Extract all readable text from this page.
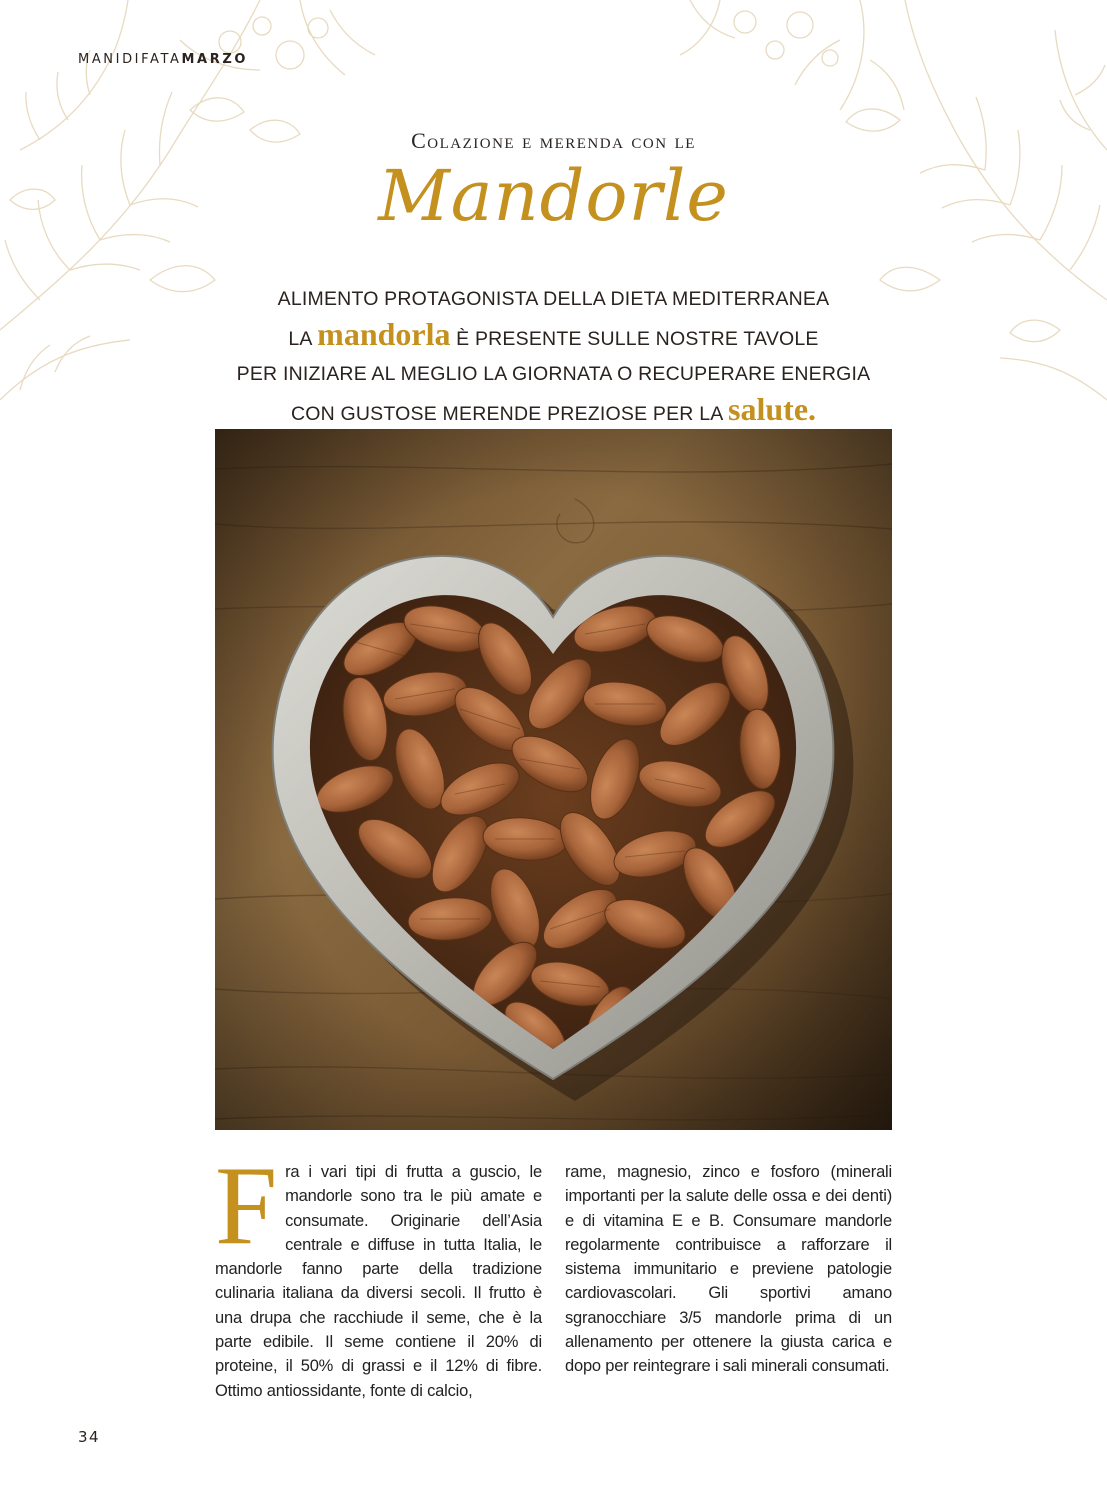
MANIDIFATAMARZO
Colazione e merenda con le
Mandorle
ALIMENTO PROTAGONISTA DELLA DIETA MEDITERRANEA
LA mandorla È PRESENTE SULLE NOSTRE TAVOLE
PER INIZIARE AL MEGLIO LA GIORNATA O RECUPERARE ENERGIA
CON GUSTOSE MERENDE PREZIOSE PER LA salute.
Fra i vari tipi di frutta a guscio, le mandorle sono tra le più amate e consumate. Originarie dell’Asia centrale e diffuse in tutta Italia, le mandorle fanno parte della tradizione culinaria italiana da diversi secoli. Il frutto è una drupa che racchiude il seme, che è la parte edibile. Il seme contiene il 20% di proteine, il 50% di grassi e il 12% di fibre. Ottimo antiossidante, fonte di calcio,
rame, magnesio, zinco e fosforo (minerali importanti per la salute delle ossa e dei denti) e di vitamina E e B. Consumare mandorle regolarmente contribuisce a rafforzare il sistema immunitario e previene patologie cardiovascolari. Gli sportivi amano sgranocchiare 3/5 mandorle prima di un allenamento per ottenere la giusta carica e dopo per reintegrare i sali minerali consumati.
34
